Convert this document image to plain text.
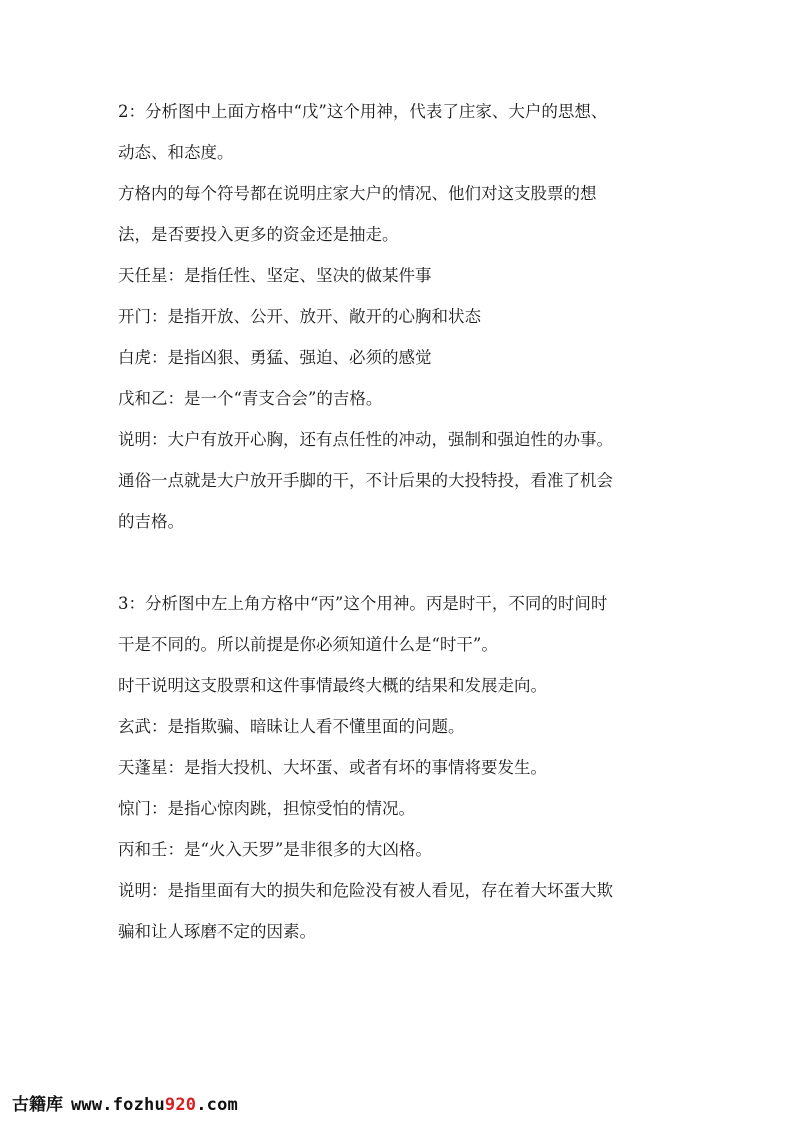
2：分析图中上面方格中“戊”这个用神，代表了庄家、大户的思想、

动态、和态度。

方格内的每个符号都在说明庄家大户的情况、他们对这支股票的想

法，是否要投入更多的资金还是抽走。

天任星：是指任性、坚定、坚决的做某件事

开门：是指开放、公开、放开、敞开的心胸和状态

白虎：是指凶狠、勇猛、强迫、必须的感觉

戊和乙：是一个“青支合会”的吉格。

说明：大户有放开心胸，还有点任性的冲动，强制和强迫性的办事。

通俗一点就是大户放开手脚的干，不计后果的大投特投，看准了机会

的吉格。

3：分析图中左上角方格中“丙”这个用神。丙是时干，不同的时间时

干是不同的。所以前提是你必须知道什么是“时干”。

时干说明这支股票和这件事情最终大概的结果和发展走向。

玄武：是指欺骗、暗昧让人看不懂里面的问题。

天蓬星：是指大投机、大坏蛋、或者有坏的事情将要发生。

惊门：是指心惊肉跳，担惊受怕的情况。

丙和壬：是“火入天罗”是非很多的大凶格。

说明：是指里面有大的损失和危险没有被人看见，存在着大坏蛋大欺

骗和让人琢磨不定的因素。

古籍库 www.fozhu920.com
